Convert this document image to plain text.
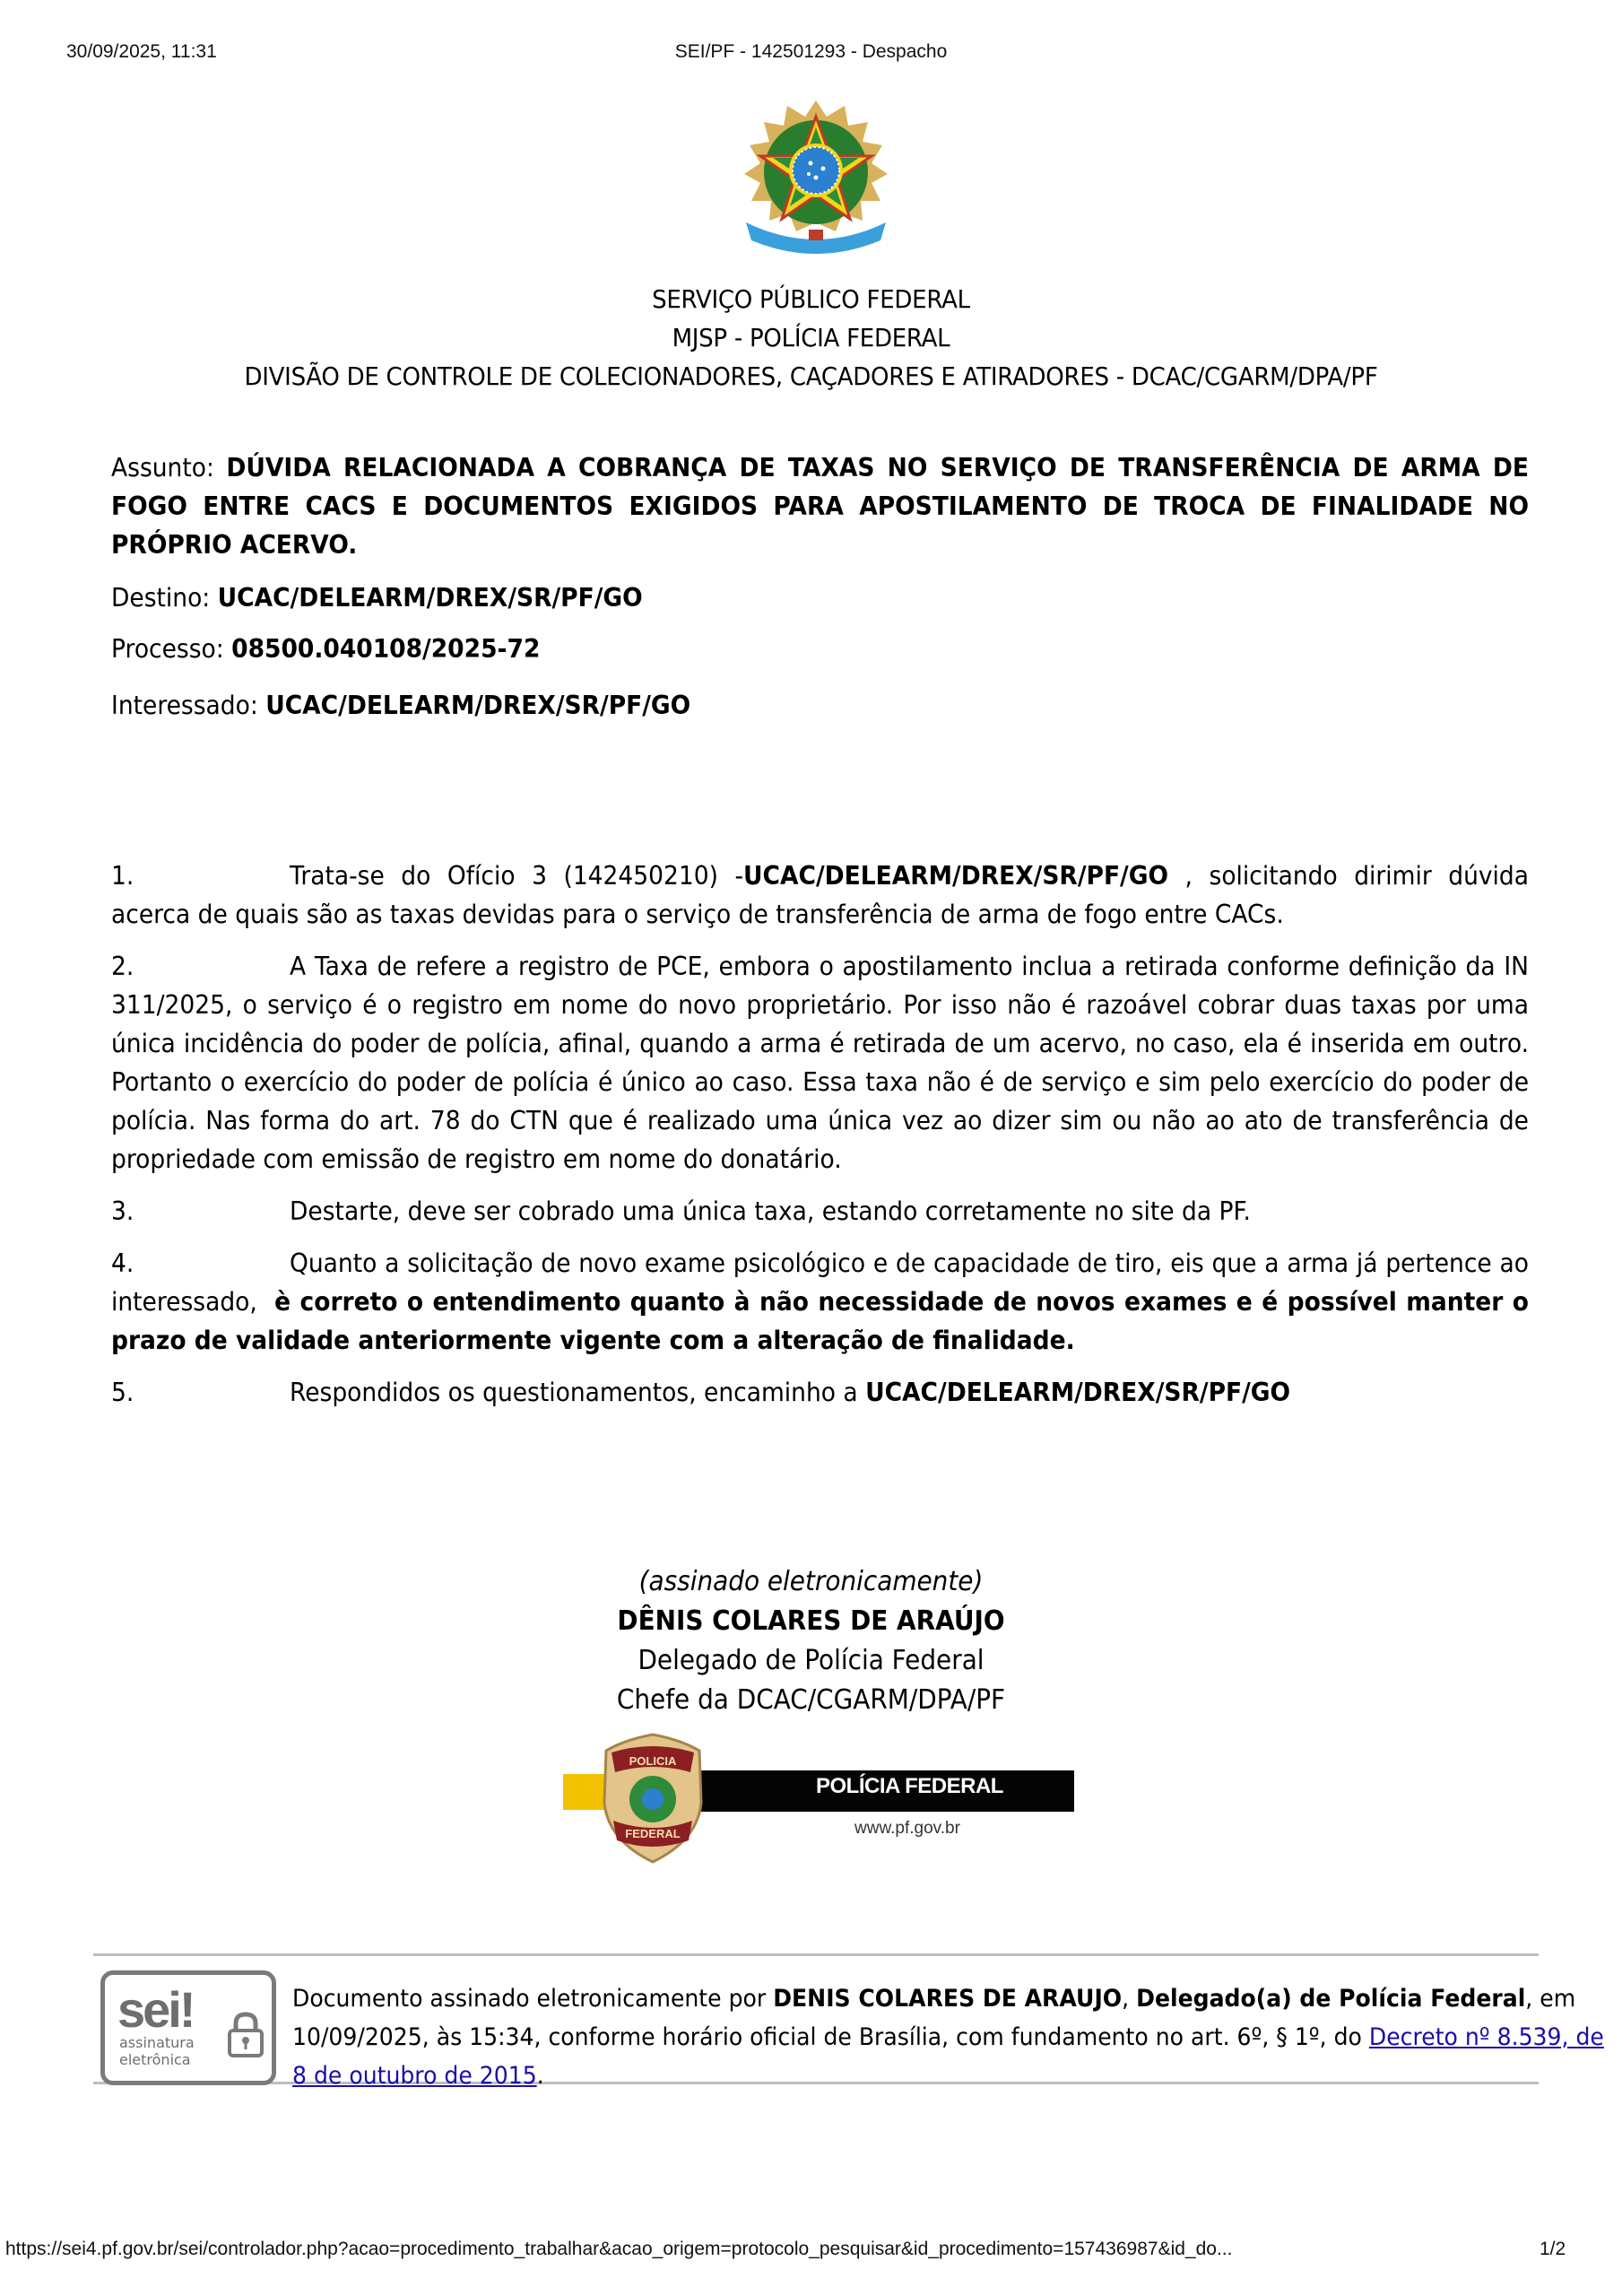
30/09/2025, 11:31	SEI/PF - 142501293 - Despacho
SERVIÇO PÚBLICO FEDERAL
MJSP - POLÍCIA FEDERAL
DIVISÃO DE CONTROLE DE COLECIONADORES, CAÇADORES E ATIRADORES - DCAC/CGARM/DPA/PF
Assunto: DÚVIDA RELACIONADA A COBRANÇA DE TAXAS NO SERVIÇO DE TRANSFERÊNCIA DE ARMA DE FOGO ENTRE CACS E DOCUMENTOS EXIGIDOS PARA APOSTILAMENTO DE TROCA DE FINALIDADE NO PRÓPRIO ACERVO.
Destino: UCAC/DELEARM/DREX/SR/PF/GO
Processo: 08500.040108/2025-72
Interessado: UCAC/DELEARM/DREX/SR/PF/GO

1.	Trata-se do Ofício 3 (142450210) -UCAC/DELEARM/DREX/SR/PF/GO , solicitando dirimir dúvida acerca de quais são as taxas devidas para o serviço de transferência de arma de fogo entre CACs.

2.	A Taxa de refere a registro de PCE, embora o apostilamento inclua a retirada conforme definição da IN 311/2025, o serviço é o registro em nome do novo proprietário. Por isso não é razoável cobrar duas taxas por uma única incidência do poder de polícia, afinal, quando a arma é retirada de um acervo, no caso, ela é inserida em outro. Portanto o exercício do poder de polícia é único ao caso. Essa taxa não é de serviço e sim pelo exercício do poder de polícia. Nas forma do art. 78 do CTN que é realizado uma única vez ao dizer sim ou não ao ato de transferência de propriedade com emissão de registro em nome do donatário.

3.	Destarte, deve ser cobrado uma única taxa, estando corretamente no site da PF.

4.	Quanto a solicitação de novo exame psicológico e de capacidade de tiro, eis que a arma já pertence ao interessado,  è correto o entendimento quanto à não necessidade de novos exames e é possível manter o prazo de validade anteriormente vigente com a alteração de finalidade.

5.	Respondidos os questionamentos, encaminho a UCAC/DELEARM/DREX/SR/PF/GO

(assinado eletronicamente)
DÊNIS COLARES DE ARAÚJO
Delegado de Polícia Federal
Chefe da DCAC/CGARM/DPA/PF
POLÍCIA FEDERAL
www.pf.gov.br
POLICIA
FEDERAL
sei!
assinatura
eletrônica
Documento assinado eletronicamente por DENIS COLARES DE ARAUJO, Delegado(a) de Polícia Federal, em 10/09/2025, às 15:34, conforme horário oficial de Brasília, com fundamento no art. 6º, § 1º, do Decreto nº 8.539, de 8 de outubro de 2015.
https://sei4.pf.gov.br/sei/controlador.php?acao=procedimento_trabalhar&acao_origem=protocolo_pesquisar&id_procedimento=157436987&id_do...	1/2
